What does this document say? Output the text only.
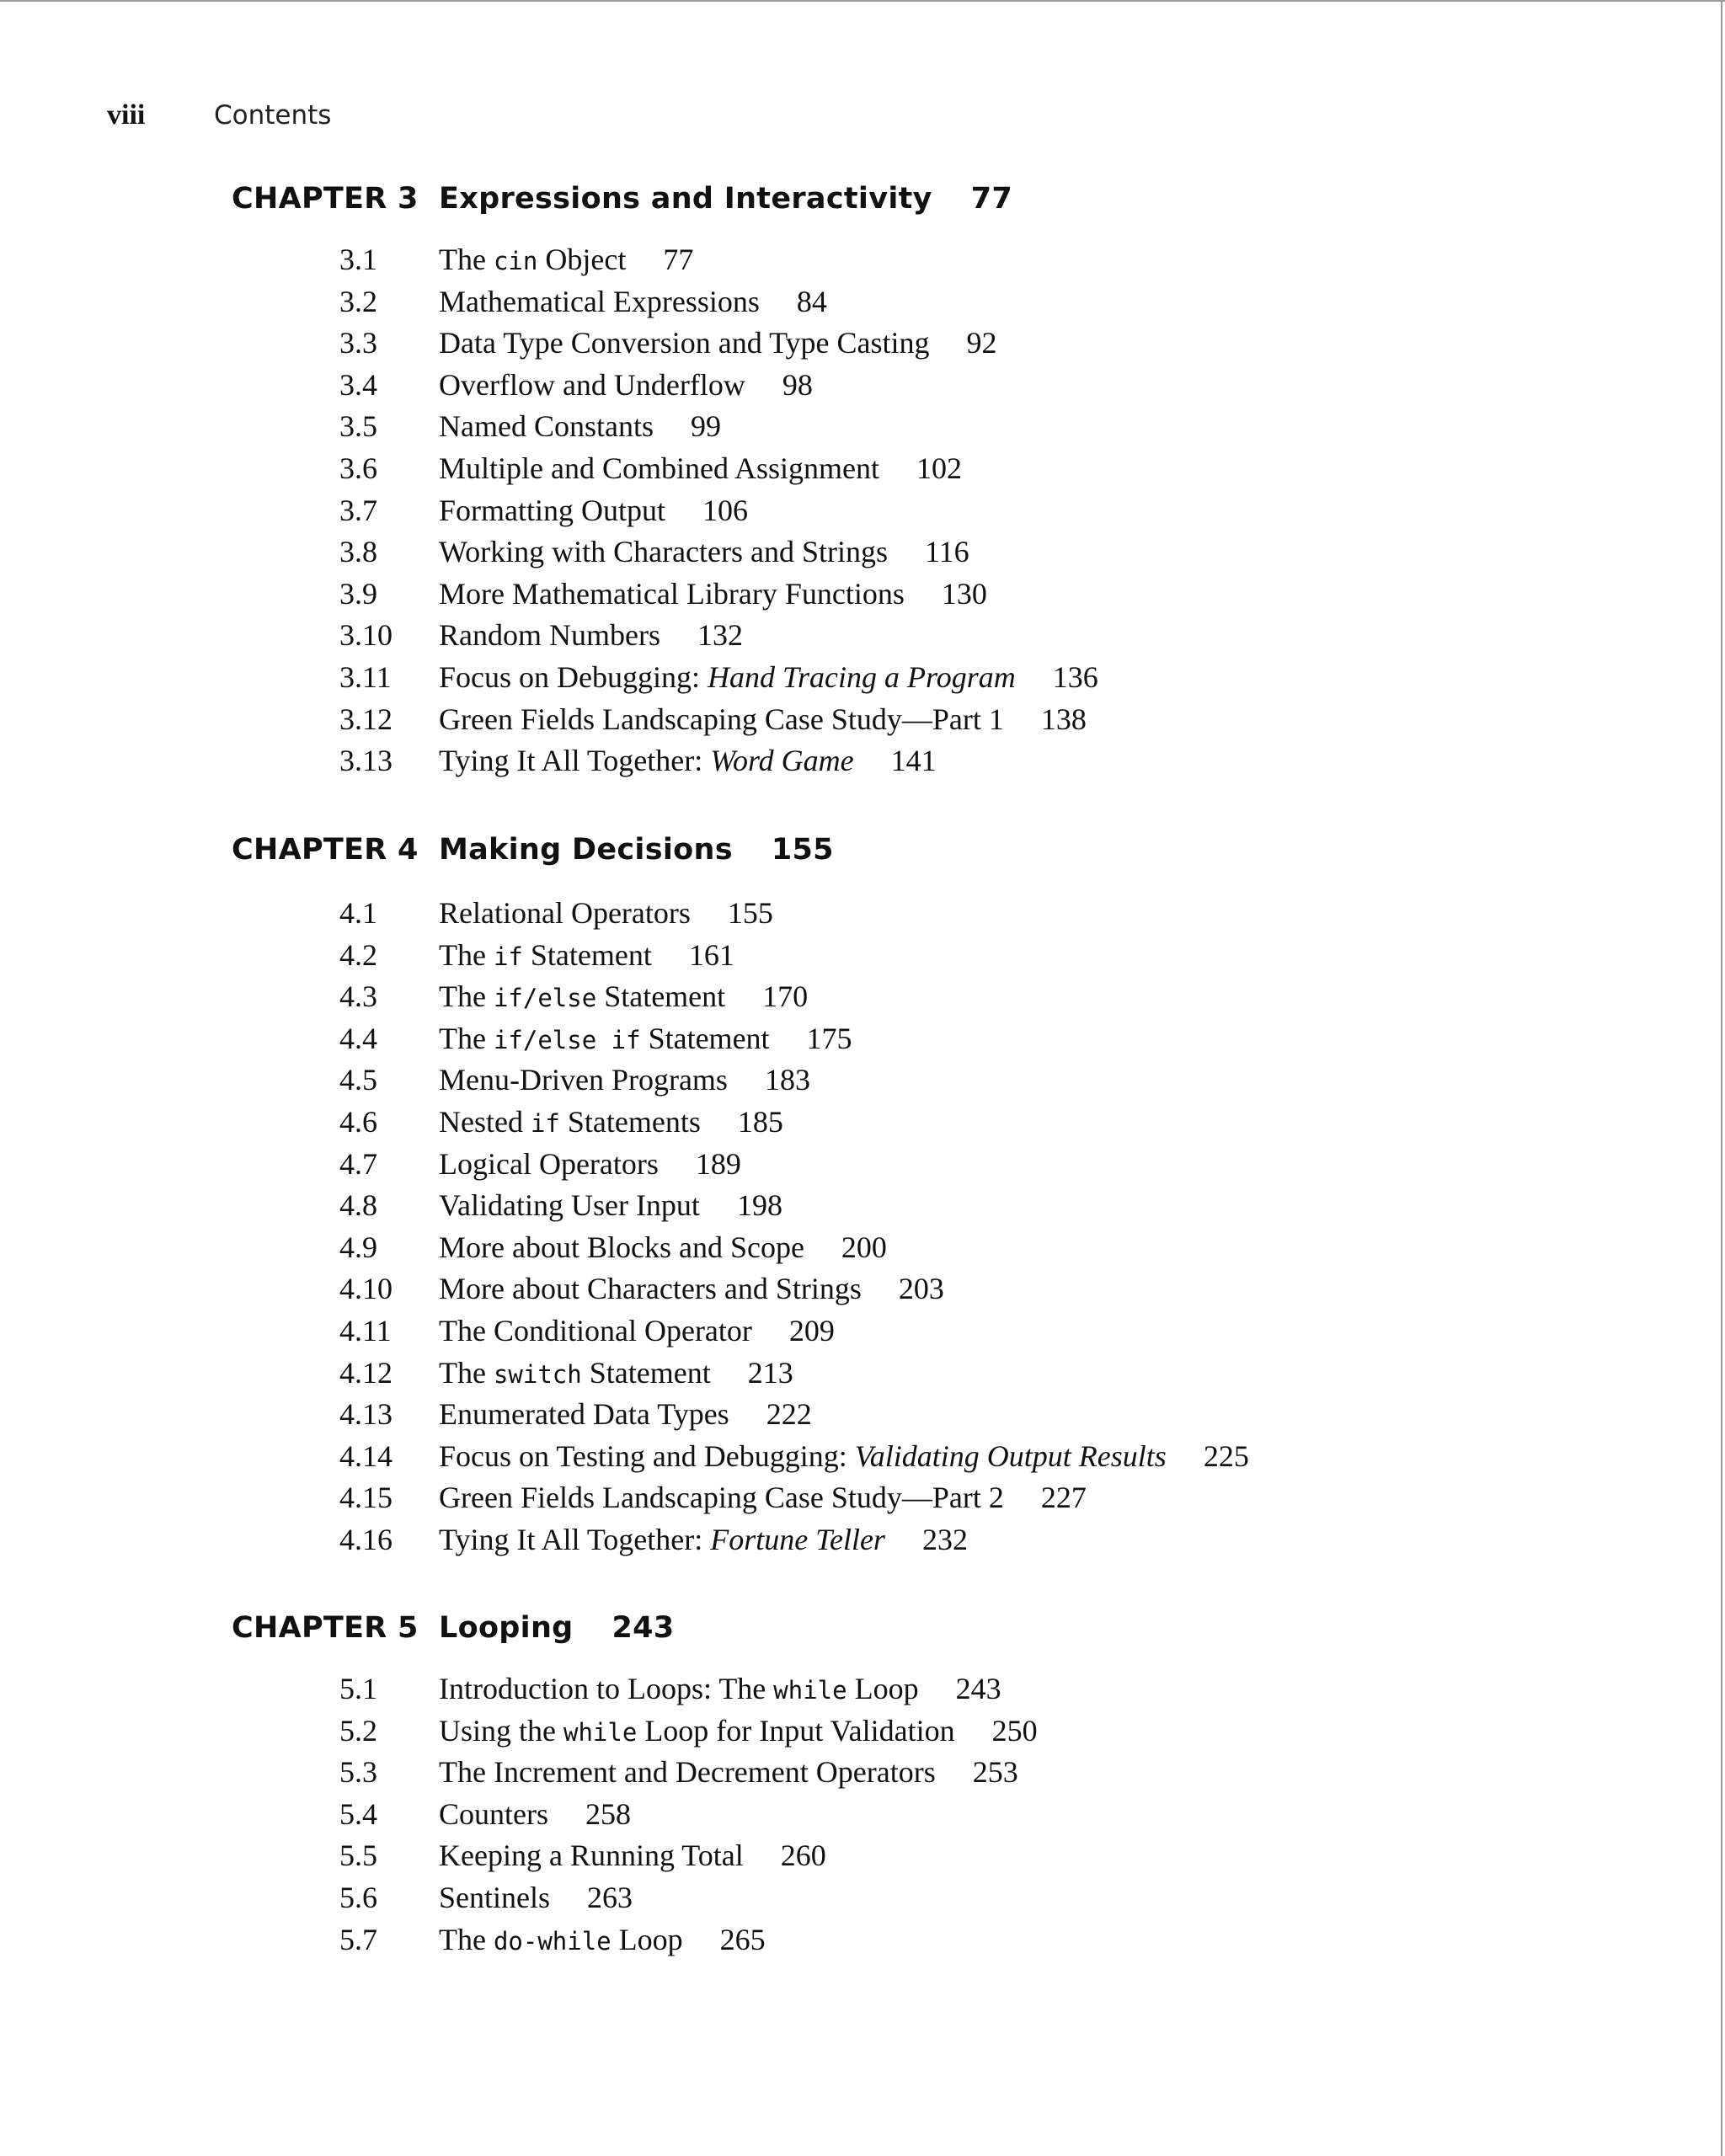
viii	Contents
CHAPTER 3 Expressions and Interactivity 77
3.1 The cin Object 77
3.2 Mathematical Expressions 84
3.3 Data Type Conversion and Type Casting 92
3.4 Overflow and Underflow 98
3.5 Named Constants 99
3.6 Multiple and Combined Assignment 102
3.7 Formatting Output 106
3.8 Working with Characters and Strings 116
3.9 More Mathematical Library Functions 130
3.10 Random Numbers 132
3.11 Focus on Debugging: Hand Tracing a Program 136
3.12 Green Fields Landscaping Case Study—Part 1 138
3.13 Tying It All Together: Word Game 141
CHAPTER 4 Making Decisions 155
4.1 Relational Operators 155
4.2 The if Statement 161
4.3 The if/else Statement 170
4.4 The if/else if Statement 175
4.5 Menu-Driven Programs 183
4.6 Nested if Statements 185
4.7 Logical Operators 189
4.8 Validating User Input 198
4.9 More about Blocks and Scope 200
4.10 More about Characters and Strings 203
4.11 The Conditional Operator 209
4.12 The switch Statement 213
4.13 Enumerated Data Types 222
4.14 Focus on Testing and Debugging: Validating Output Results 225
4.15 Green Fields Landscaping Case Study—Part 2 227
4.16 Tying It All Together: Fortune Teller 232
CHAPTER 5 Looping 243
5.1 Introduction to Loops: The while Loop 243
5.2 Using the while Loop for Input Validation 250
5.3 The Increment and Decrement Operators 253
5.4 Counters 258
5.5 Keeping a Running Total 260
5.6 Sentinels 263
5.7 The do-while Loop 265
